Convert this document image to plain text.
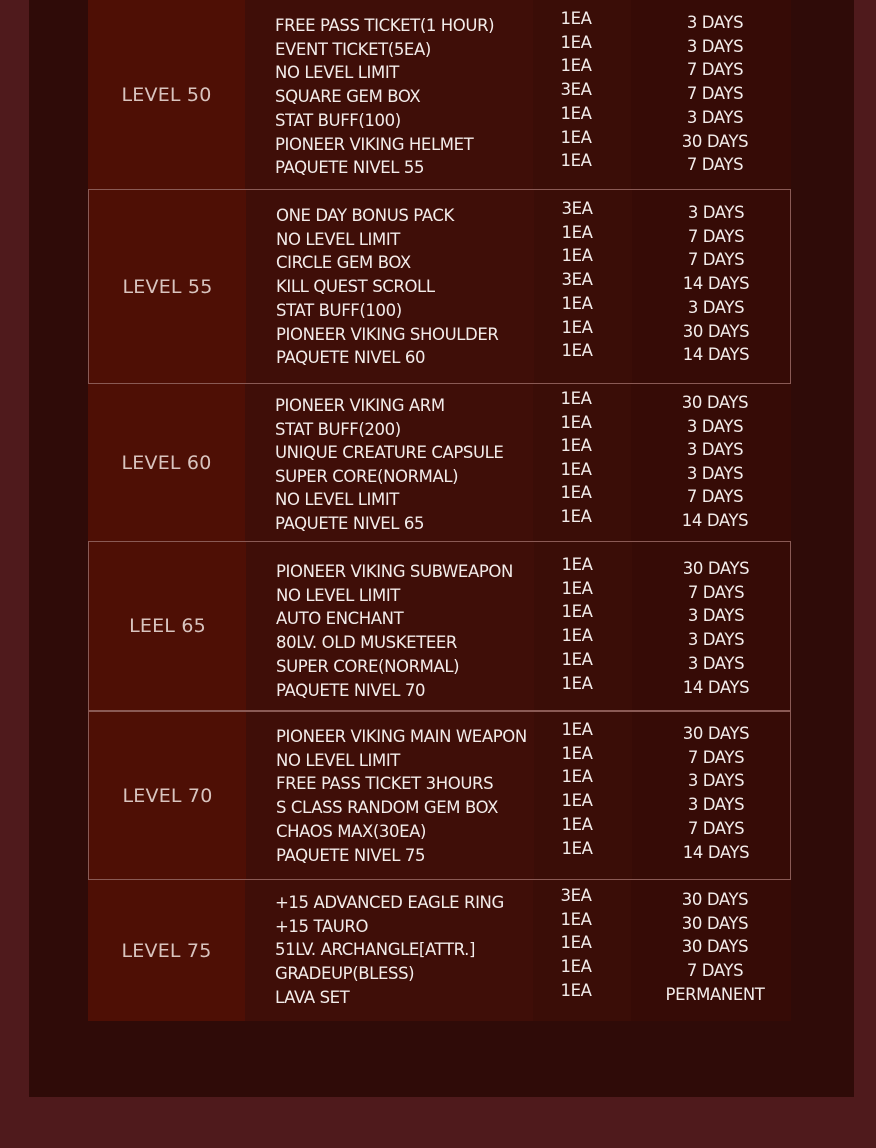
LEVEL 50
FREE PASS TICKET(1 HOUR)	1EA	3 DAYS
EVENT TICKET(5EA)	1EA	3 DAYS
NO LEVEL LIMIT	1EA	7 DAYS
SQUARE GEM BOX	3EA	7 DAYS
STAT BUFF(100)	1EA	3 DAYS
PIONEER VIKING HELMET	1EA	30 DAYS
PAQUETE NIVEL 55	1EA	7 DAYS
LEVEL 55
ONE DAY BONUS PACK	3EA	3 DAYS
NO LEVEL LIMIT	1EA	7 DAYS
CIRCLE GEM BOX	1EA	7 DAYS
KILL QUEST SCROLL	3EA	14 DAYS
STAT BUFF(100)	1EA	3 DAYS
PIONEER VIKING SHOULDER	1EA	30 DAYS
PAQUETE NIVEL 60	1EA	14 DAYS
LEVEL 60
PIONEER VIKING ARM	1EA	30 DAYS
STAT BUFF(200)	1EA	3 DAYS
UNIQUE CREATURE CAPSULE	1EA	3 DAYS
SUPER CORE(NORMAL)	1EA	3 DAYS
NO LEVEL LIMIT	1EA	7 DAYS
PAQUETE NIVEL 65	1EA	14 DAYS
LEEL 65
PIONEER VIKING SUBWEAPON	1EA	30 DAYS
NO LEVEL LIMIT	1EA	7 DAYS
AUTO ENCHANT	1EA	3 DAYS
80LV. OLD MUSKETEER	1EA	3 DAYS
SUPER CORE(NORMAL)	1EA	3 DAYS
PAQUETE NIVEL 70	1EA	14 DAYS
LEVEL 70
PIONEER VIKING MAIN WEAPON	1EA	30 DAYS
NO LEVEL LIMIT	1EA	7 DAYS
FREE PASS TICKET 3HOURS	1EA	3 DAYS
S CLASS RANDOM GEM BOX	1EA	3 DAYS
CHAOS MAX(30EA)	1EA	7 DAYS
PAQUETE NIVEL 75	1EA	14 DAYS
LEVEL 75
+15 ADVANCED EAGLE RING	3EA	30 DAYS
+15 TAURO	1EA	30 DAYS
51LV. ARCHANGLE[ATTR.]	1EA	30 DAYS
GRADEUP(BLESS)	1EA	7 DAYS
LAVA SET	1EA	PERMANENT
